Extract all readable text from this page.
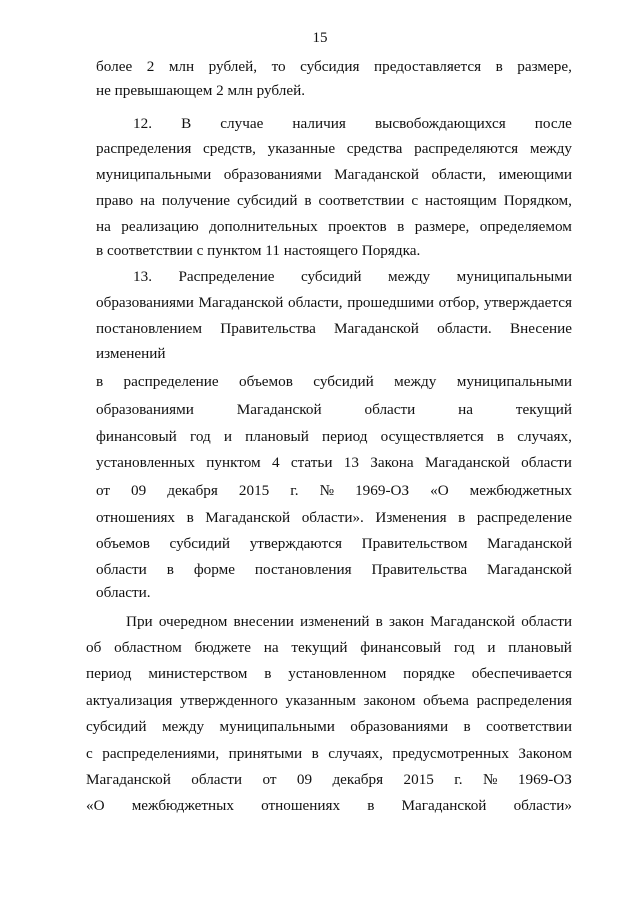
15
более 2 млн рублей, то субсидия предоставляется в размере,
не превышающем 2 млн рублей.
12. В случае наличия высвобождающихся после
распределения средств, указанные средства распределяются между
муниципальными образованиями Магаданской области, имеющими
право на получение субсидий в соответствии с настоящим Порядком,
на реализацию дополнительных проектов в размере, определяемом
в соответствии с пунктом 11 настоящего Порядка.
13. Распределение субсидий между муниципальными
образованиями Магаданской области, прошедшими отбор, утверждается
постановлением Правительства Магаданской области. Внесение
изменений
в распределение объемов субсидий между муниципальными
образованиями	Магаданской	области	на	текущий
финансовый год и плановый период осуществляется в случаях,
установленных пунктом 4 статьи 13 Закона Магаданской области
от 09 декабря 2015 г. № 1969-ОЗ «О межбюджетных
отношениях в Магаданской области». Изменения в распределение
объемов субсидий утверждаются Правительством Магаданской
области в форме постановления Правительства Магаданской
области.
При очередном внесении изменений в закон Магаданской области
об областном бюджете на текущий финансовый год и плановый
период министерством в установленном порядке обеспечивается
актуализация утвержденного указанным законом объема распределения
субсидий между муниципальными образованиями в соответствии
с распределениями, принятыми в случаях, предусмотренных Законом
Магаданской области от 09 декабря 2015 г. № 1969-ОЗ
«О межбюджетных отношениях в Магаданской области»
